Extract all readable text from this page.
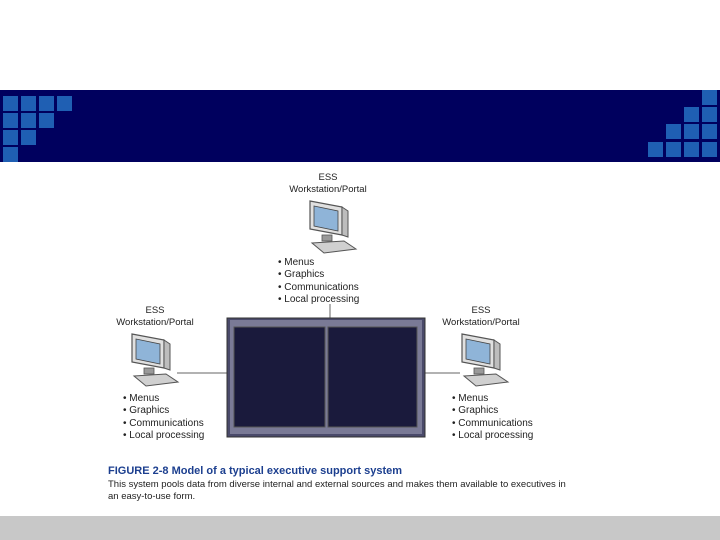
ESS
Workstation/Portal
• Menus
• Graphics
• Communications
• Local processing
ESS
Workstation/Portal
• Menus
• Graphics
• Communications
• Local processing
ESS
Workstation/Portal
• Menus
• Graphics
• Communications
• Local processing
FIGURE 2-8 Model of a typical executive support system
This system pools data from diverse internal and external sources and makes them available to executives in an easy-to-use form.
